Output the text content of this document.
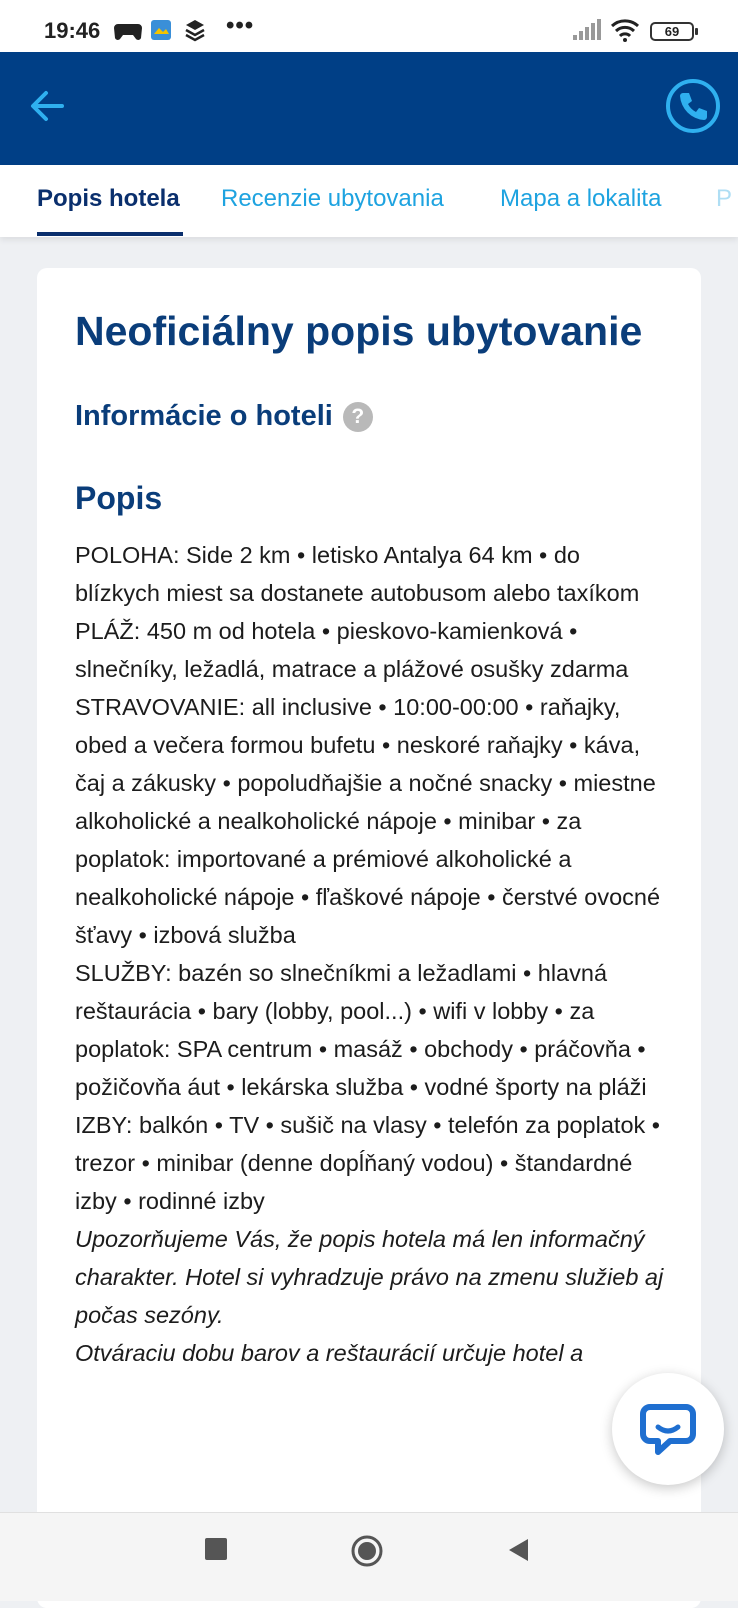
19:46	•••	69
Popis hotela Recenzie ubytovania Mapa a lokalita P
Neoficiálny popis ubytovanie
Informácie o hoteli ?
Popis

POLOHA: Side 2 km • letisko Antalya 64 km • do blízkych miest sa dostanete autobusom alebo taxíkom

PLÁŽ: 450 m od hotela • pieskovo-kamienková • slnečníky, ležadlá, matrace a plážové osušky zdarma

STRAVOVANIE: all inclusive • 10:00-00:00 • raňajky, obed a večera formou bufetu • neskoré raňajky • káva, čaj a zákusky • popoludňajšie a nočné snacky • miestne alkoholické a nealkoholické nápoje • minibar • za poplatok: importované a prémiové alkoholické a nealkoholické nápoje • fľaškové nápoje • čerstvé ovocné šťavy • izbová služba

SLUŽBY: bazén so slnečníkmi a ležadlami • hlavná reštaurácia • bary (lobby, pool...) • wifi v lobby • za poplatok: SPA centrum • masáž • obchody • práčovňa • požičovňa áut • lekárska služba • vodné športy na pláži

IZBY: balkón • TV • sušič na vlasy • telefón za poplatok • trezor • minibar (denne dopĺňaný vodou) • štandardné izby • rodinné izby

Upozorňujeme Vás, že popis hotela má len informačný charakter. Hotel si vyhradzuje právo na zmenu služieb aj počas sezóny.

Otváraciu dobu barov a reštaurácií určuje hotel a
